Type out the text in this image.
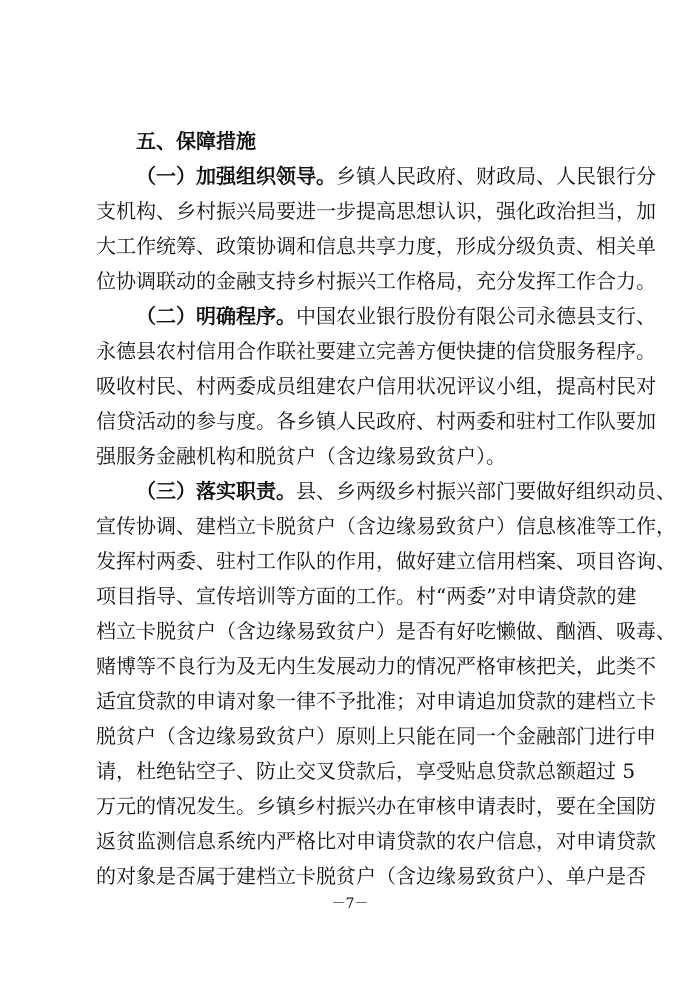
五、保障措施
（一）加强组织领导。乡镇人民政府、财政局、人民银行分
支机构、乡村振兴局要进一步提高思想认识，强化政治担当，加
大工作统筹、政策协调和信息共享力度，形成分级负责、相关单
位协调联动的金融支持乡村振兴工作格局，充分发挥工作合力。
（二）明确程序。中国农业银行股份有限公司永德县支行、
永德县农村信用合作联社要建立完善方便快捷的信贷服务程序。
吸收村民、村两委成员组建农户信用状况评议小组，提高村民对
信贷活动的参与度。各乡镇人民政府、村两委和驻村工作队要加
强服务金融机构和脱贫户（含边缘易致贫户）。
（三）落实职责。县、乡两级乡村振兴部门要做好组织动员、
宣传协调、建档立卡脱贫户（含边缘易致贫户）信息核准等工作，
发挥村两委、驻村工作队的作用，做好建立信用档案、项目咨询、
项目指导、宣传培训等方面的工作。村“两委”对申请贷款的建
档立卡脱贫户（含边缘易致贫户）是否有好吃懒做、酗酒、吸毒、
赌博等不良行为及无内生发展动力的情况严格审核把关，此类不
适宜贷款的申请对象一律不予批准；对申请追加贷款的建档立卡
脱贫户（含边缘易致贫户）原则上只能在同一个金融部门进行申
请，杜绝钻空子、防止交叉贷款后，享受贴息贷款总额超过 5
万元的情况发生。乡镇乡村振兴办在审核申请表时，要在全国防
返贫监测信息系统内严格比对申请贷款的农户信息，对申请贷款
的对象是否属于建档立卡脱贫户（含边缘易致贫户）、单户是否
－7－
